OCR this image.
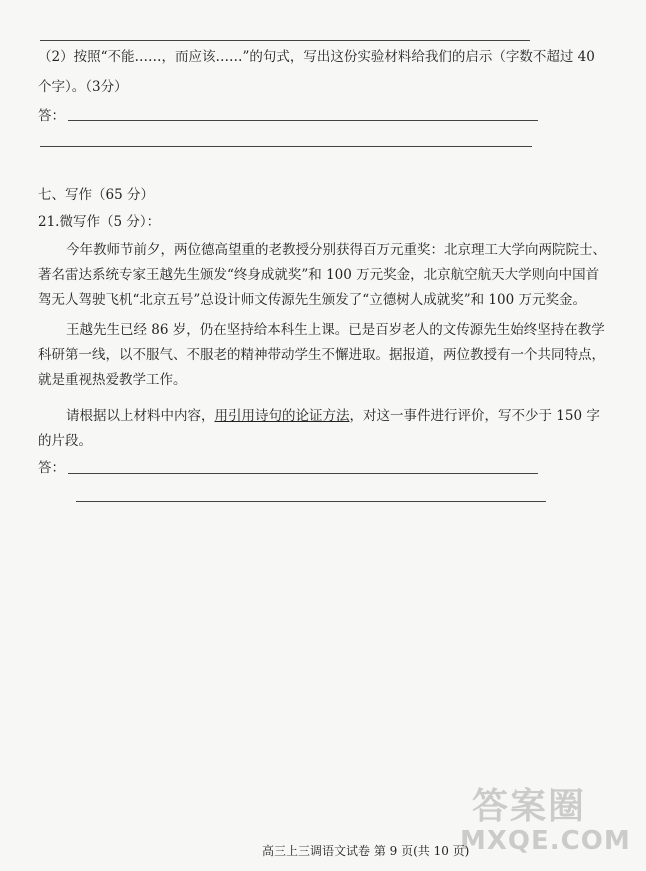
（2）按照“不能……，而应该……”的句式，写出这份实验材料给我们的启示（字数不超过 40
个字）。（3分）
答：
七、写作（65 分）
21.微写作（5 分）：
今年教师节前夕，两位德高望重的老教授分别获得百万元重奖：北京理工大学向两院院士、著名雷达系统专家王越先生颁发“终身成就奖”和 100 万元奖金，北京航空航天大学则向中国首驾无人驾驶飞机“北京五号”总设计师文传源先生颁发了“立德树人成就奖”和 100 万元奖金。
王越先生已经 86 岁，仍在坚持给本科生上课。已是百岁老人的文传源先生始终坚持在教学科研第一线，以不服气、不服老的精神带动学生不懈进取。据报道，两位教授有一个共同特点，就是重视热爱教学工作。
请根据以上材料中内容，用引用诗句的论证方法，对这一事件进行评价，写不少于 150 字的片段。
答：
答案圈
MXQE.COM
高三上三调语文试卷 第 9 页(共 10 页)
